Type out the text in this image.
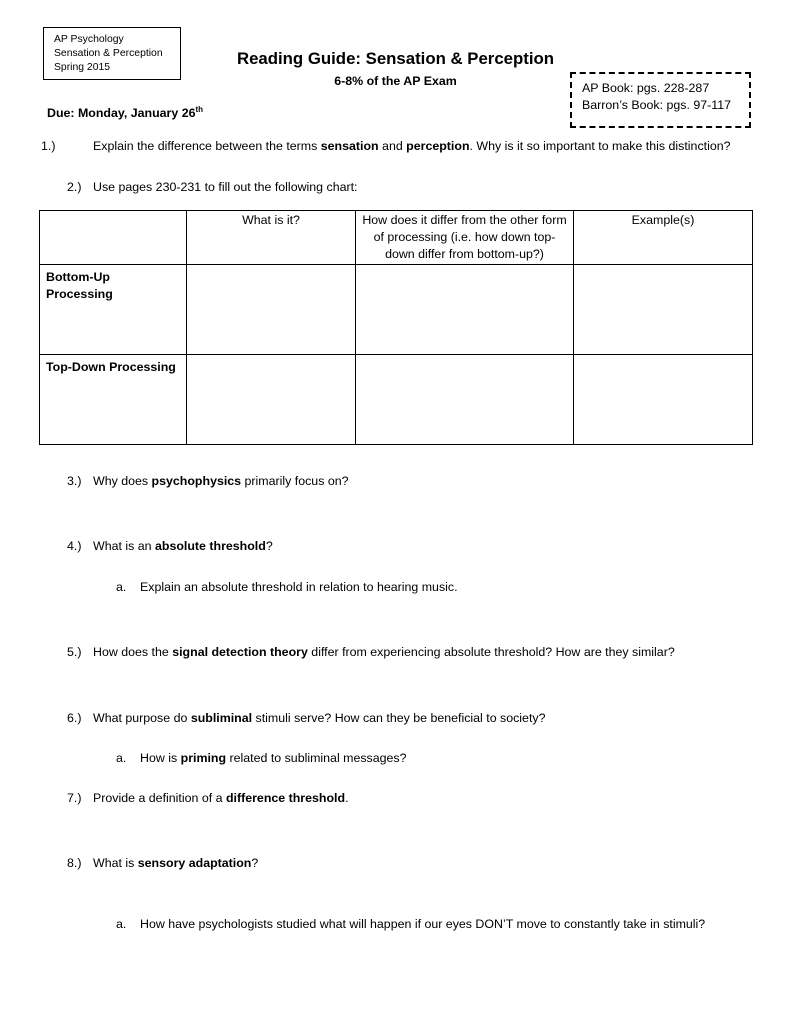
AP Psychology
Sensation & Perception
Spring 2015	Reading Guide: Sensation & Perception
6-8% of the AP Exam	AP Book: pgs. 228-287
Barron’s Book: pgs. 97-117
Due: Monday, January 26th
1.)	Explain the difference between the terms sensation and perception. Why is it so important to make this distinction?
2.) Use pages 230-231 to fill out the following chart:
	What is it?	How does it differ from the other form of processing (i.e. how down top-down differ from bottom-up?)	Example(s)
Bottom-Up Processing			
Top-Down Processing			
3.) Why does psychophysics primarily focus on?
4.) What is an absolute threshold?
a. Explain an absolute threshold in relation to hearing music.
5.) How does the signal detection theory differ from experiencing absolute threshold? How are they similar?
6.) What purpose do subliminal stimuli serve? How can they be beneficial to society?
a. How is priming related to subliminal messages?
7.) Provide a definition of a difference threshold.
8.) What is sensory adaptation?
a. How have psychologists studied what will happen if our eyes DON’T move to constantly take in stimuli?
